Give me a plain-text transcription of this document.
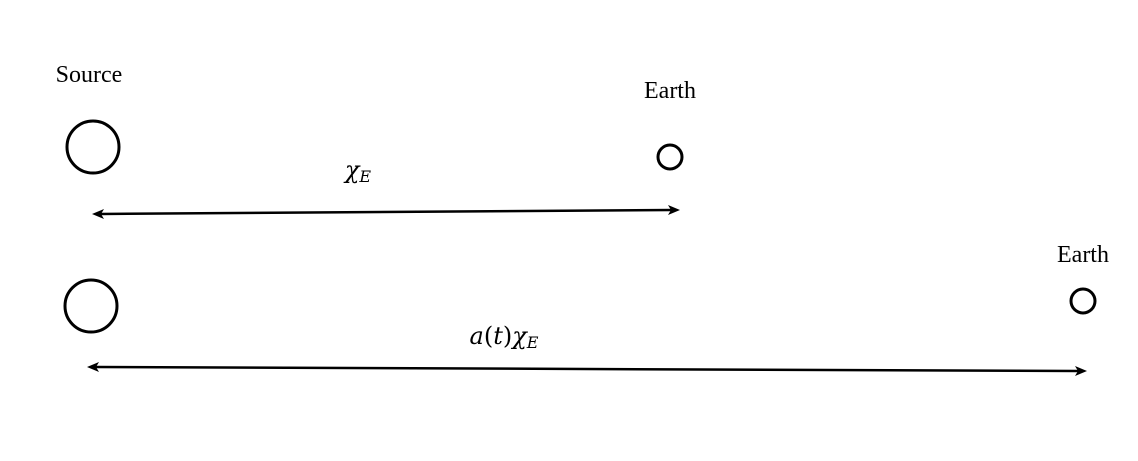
Source
Earth
χE
Earth
a(t)χE
